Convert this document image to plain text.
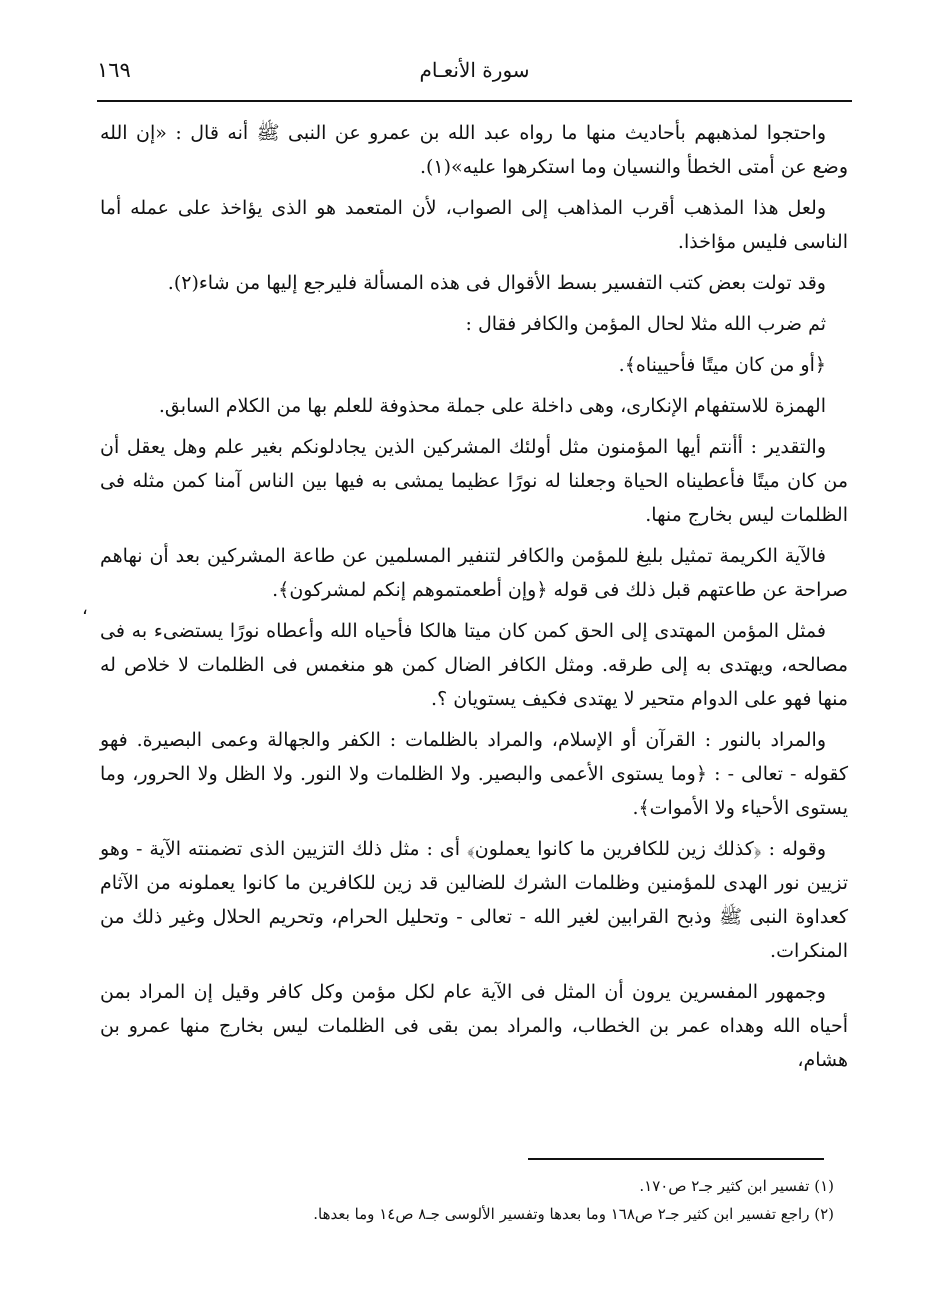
١٦٩	سورة الأنعـام

واحتجوا لمذهبهم بأحاديث منها ما رواه عبد الله بن عمرو عن النبى ﷺ أنه قال : «إن الله وضع عن أمتى الخطأ والنسيان وما استكرهوا عليه»(١).

ولعل هذا المذهب أقرب المذاهب إلى الصواب، لأن المتعمد هو الذى يؤاخذ على عمله أما الناسى فليس مؤاخذا.

وقد تولت بعض كتب التفسير بسط الأقوال فى هذه المسألة فليرجع إليها من شاء(٢).

ثم ضرب الله مثلا لحال المؤمن والكافر فقال :

﴿أو من كان ميتًا فأحييناه﴾.

الهمزة للاستفهام الإنكارى، وهى داخلة على جملة محذوفة للعلم بها من الكلام السابق.

والتقدير : أأنتم أيها المؤمنون مثل أولئك المشركين الذين يجادلونكم بغير علم وهل يعقل أن من كان ميتًا فأعطيناه الحياة وجعلنا له نورًا عظيما يمشى به فيها بين الناس آمنا كمن مثله فى الظلمات ليس بخارج منها.

فالآية الكريمة تمثيل بليغ للمؤمن والكافر لتنفير المسلمين عن طاعة المشركين بعد أن نهاهم صراحة عن طاعتهم قبل ذلك فى قوله ﴿وإن أطعمتموهم إنكم لمشركون﴾.

فمثل المؤمن المهتدى إلى الحق كمن كان ميتا هالكا فأحياه الله وأعطاه نورًا يستضىء به فى مصالحه، ويهتدى به إلى طرقه. ومثل الكافر الضال كمن هو منغمس فى الظلمات لا خلاص له منها فهو على الدوام متحير لا يهتدى فكيف يستويان ؟.

والمراد بالنور : القرآن أو الإسلام، والمراد بالظلمات : الكفر والجهالة وعمى البصيرة. فهو كقوله - تعالى - : ﴿وما يستوى الأعمى والبصير. ولا الظلمات ولا النور. ولا الظل ولا الحرور، وما يستوى الأحياء ولا الأموات﴾.

وقوله : ﴿كذلك زين للكافرين ما كانوا يعملون﴾ أى : مثل ذلك التزيين الذى تضمنته الآية - وهو تزيين نور الهدى للمؤمنين وظلمات الشرك للضالين قد زين للكافرين ما كانوا يعملونه من الآثام كعداوة النبى ﷺ وذبح القرابين لغير الله - تعالى - وتحليل الحرام، وتحريم الحلال وغير ذلك من المنكرات.

وجمهور المفسرين يرون أن المثل فى الآية عام لكل مؤمن وكل كافر وقيل إن المراد بمن أحياه الله وهداه عمر بن الخطاب، والمراد بمن بقى فى الظلمات ليس بخارج منها عمرو بن هشام،

،

(١) تفسير ابن كثير جـ٢ ص١٧٠.

(٢) راجع تفسير ابن كثير جـ٢ ص١٦٨ وما بعدها وتفسير الألوسى جـ٨ ص١٤ وما بعدها.
